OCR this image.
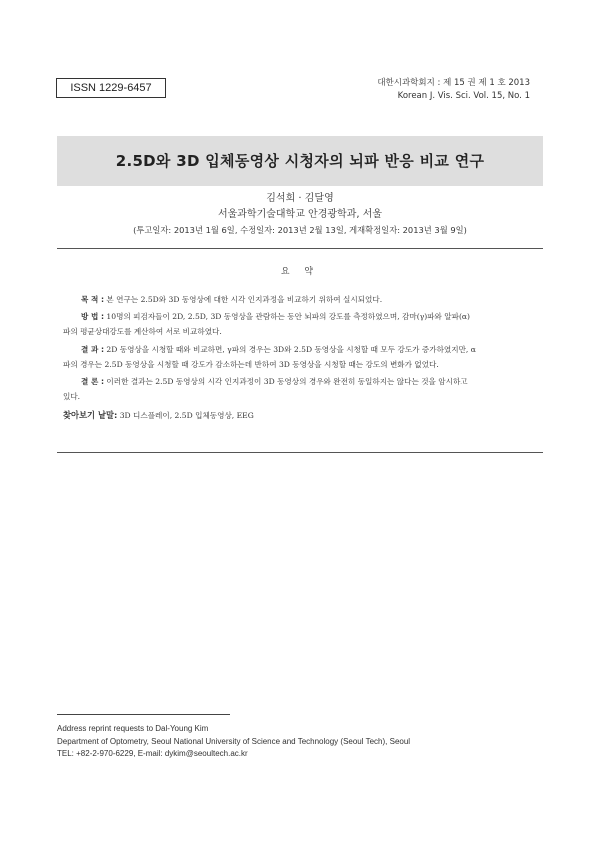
ISSN 1229-6457	대한시과학회지 : 제 15 권 제 1 호 2013
Korean J. Vis. Sci. Vol. 15, No. 1
2.5D와 3D 입체동영상 시청자의 뇌파 반응 비교 연구
김석희 · 김달영
서울과학기술대학교 안경광학과, 서울
(투고일자: 2013년 1월 6일, 수정일자: 2013년 2월 13일, 게재확정일자: 2013년 3월 9일)
요 약

목 적 : 본 연구는 2.5D와 3D 동영상에 대한 시각 인지과정을 비교하기 위하여 실시되었다.

방 법 : 10명의 피검자들이 2D, 2.5D, 3D 동영상을 관람하는 동안 뇌파의 강도를 측정하였으며, 감마(γ)파와 알파(α)파의 평균상대강도를 계산하여 서로 비교하였다.

결 과 : 2D 동영상을 시청할 때와 비교하면, γ파의 경우는 3D와 2.5D 동영상을 시청할 때 모두 강도가 증가하였지만, α파의 경우는 2.5D 동영상을 시청할 때 강도가 감소하는데 반하여 3D 동영상을 시청할 때는 강도의 변화가 없었다.

결 론 : 이러한 결과는 2.5D 동영상의 시각 인지과정이 3D 동영상의 경우와 완전히 동일하지는 않다는 것을 암시하고 있다.

찾아보기 낱말: 3D 디스플레이, 2.5D 입체동영상, EEG

Address reprint requests to Dal-Young Kim
Department of Optometry, Seoul National University of Science and Technology (Seoul Tech), Seoul
TEL: +82-2-970-6229, E-mail: dykim@seoultech.ac.kr
